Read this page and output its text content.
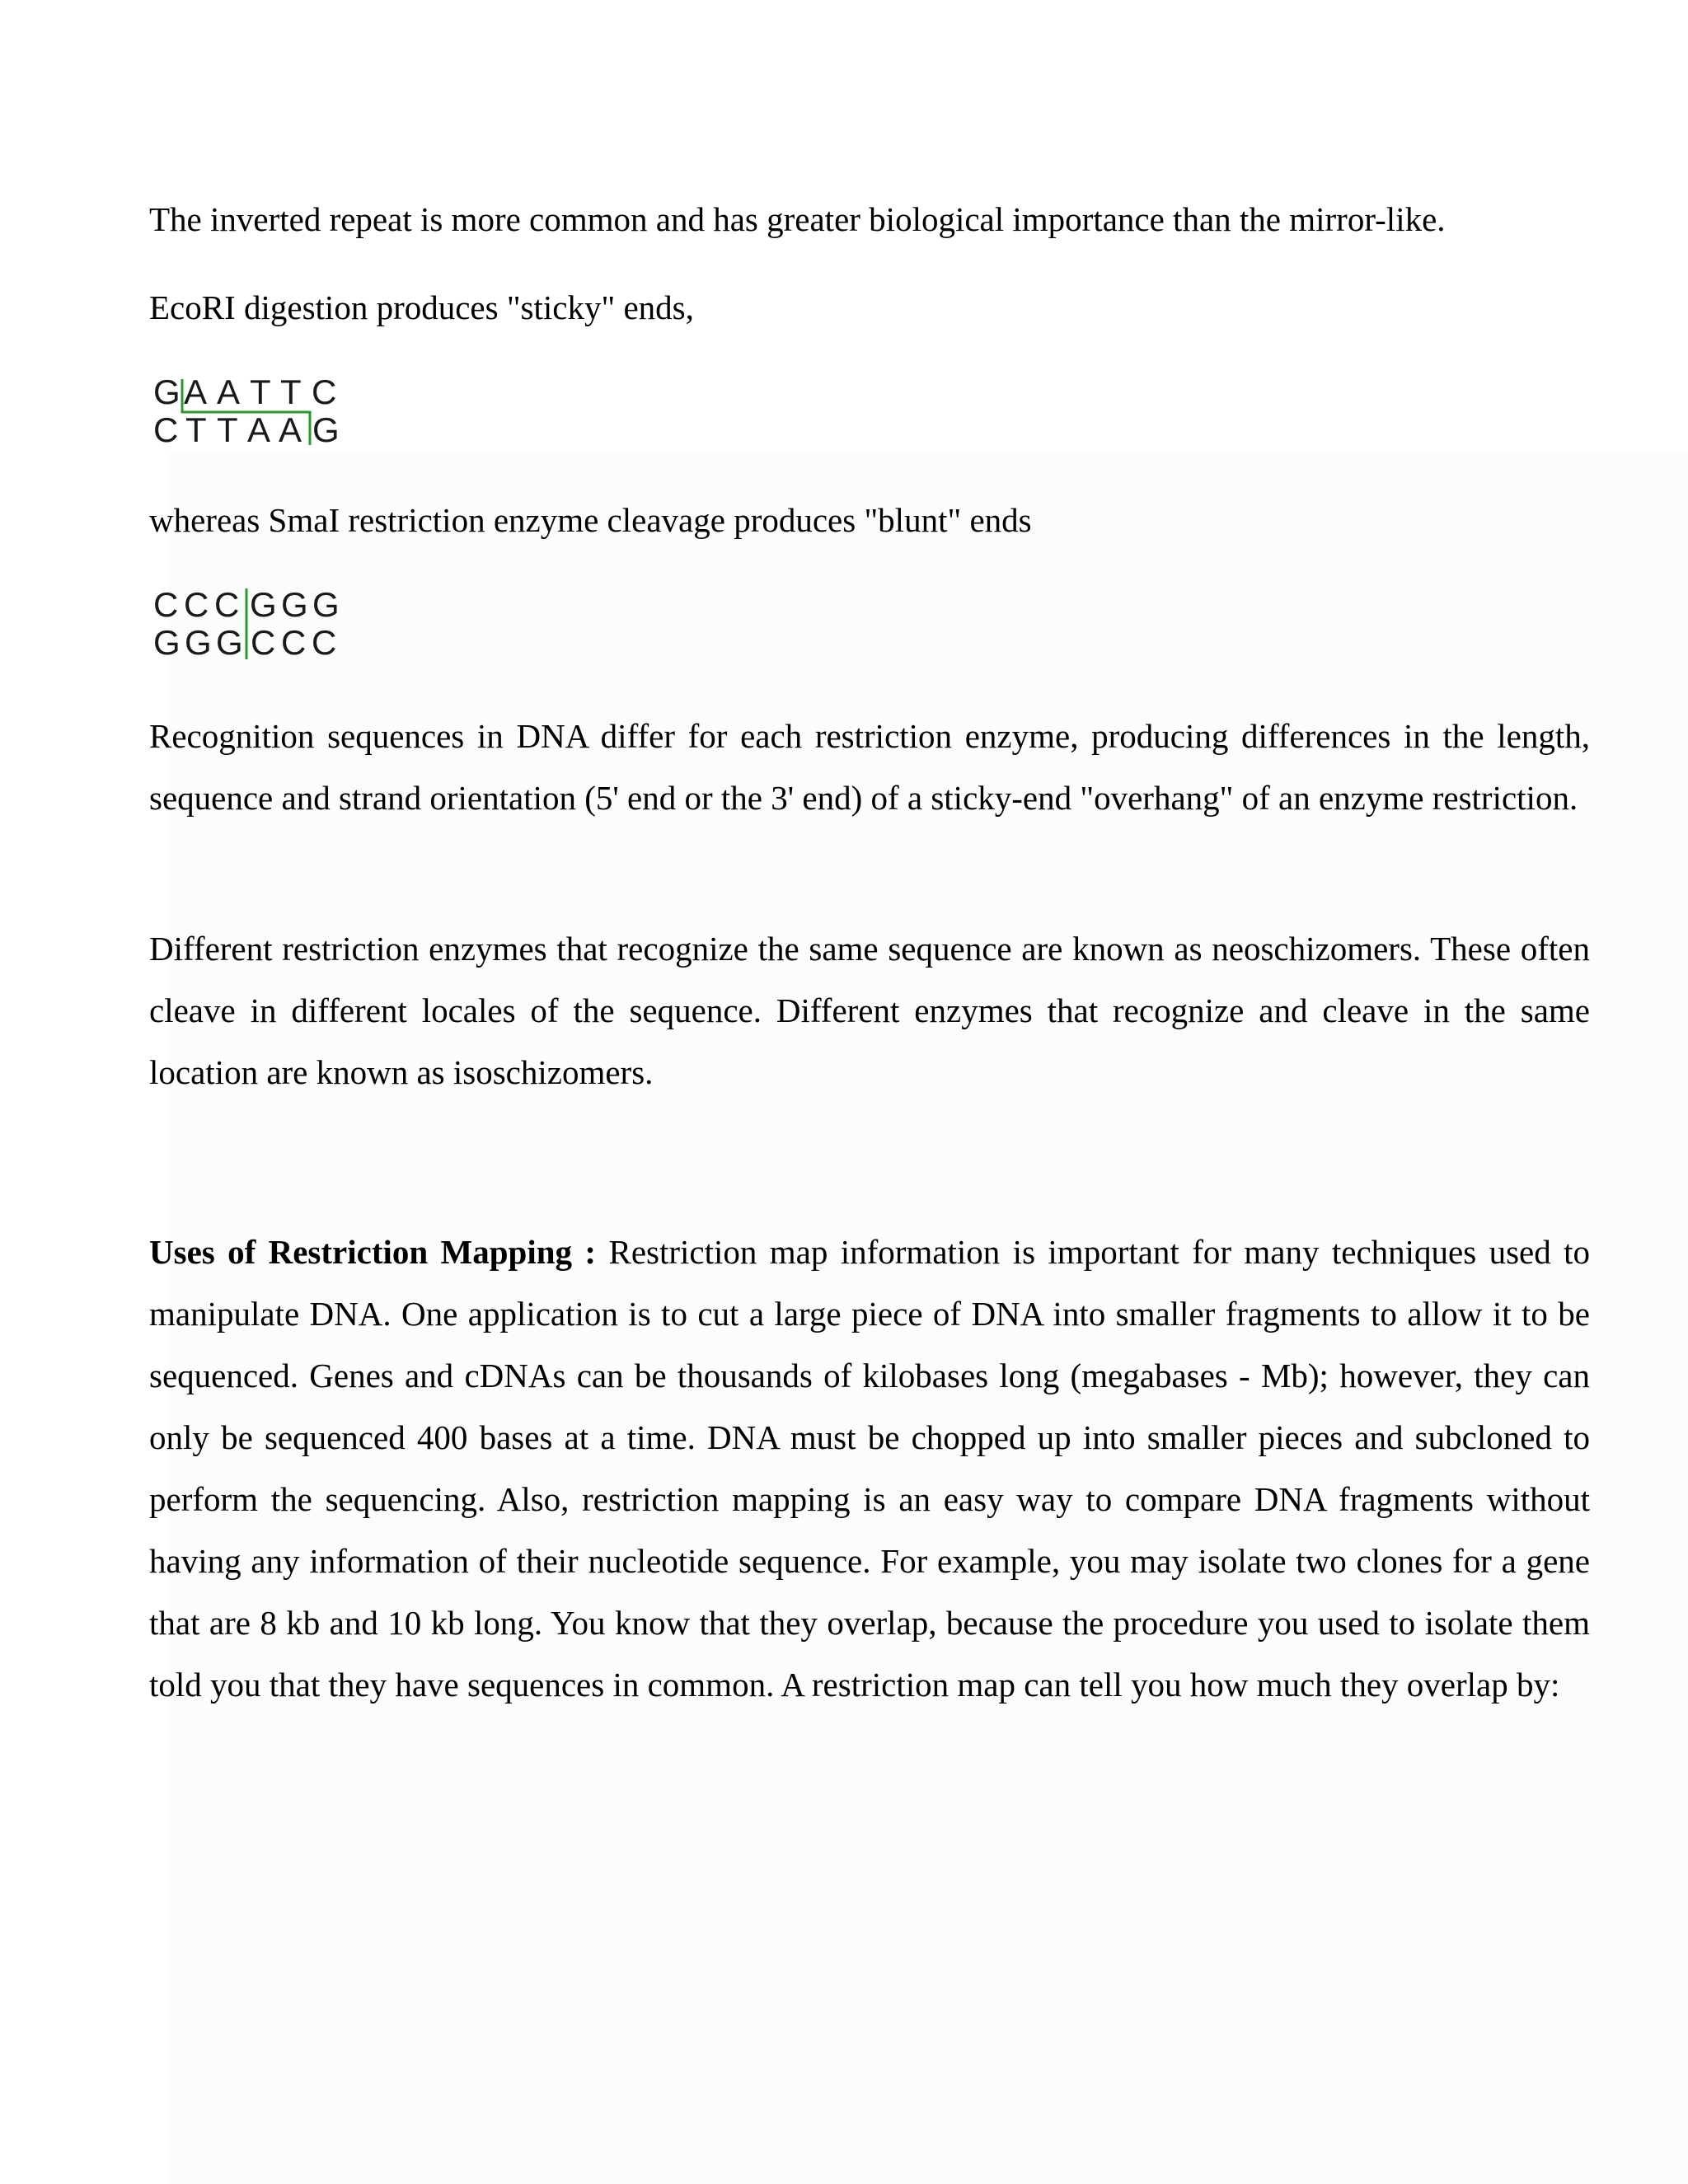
The inverted repeat is more common and has greater biological importance than the mirror-like.

EcoRI digestion produces "sticky" ends,

G A A T T C
C T T A A G

whereas SmaI restriction enzyme cleavage produces "blunt" ends

C C C G G G
G G G C C C

Recognition sequences in DNA differ for each restriction enzyme, producing differences in the length, sequence and strand orientation (5' end or the 3' end) of a sticky-end "overhang" of an enzyme restriction.

Different restriction enzymes that recognize the same sequence are known as neoschizomers. These often cleave in different locales of the sequence. Different enzymes that recognize and cleave in the same location are known as isoschizomers.

Uses of Restriction Mapping : Restriction map information is important for many techniques used to manipulate DNA. One application is to cut a large piece of DNA into smaller fragments to allow it to be sequenced. Genes and cDNAs can be thousands of kilobases long (megabases - Mb); however, they can only be sequenced 400 bases at a time. DNA must be chopped up into smaller pieces and subcloned to perform the sequencing. Also, restriction mapping is an easy way to compare DNA fragments without having any information of their nucleotide sequence. For example, you may isolate two clones for a gene that are 8 kb and 10 kb long. You know that they overlap, because the procedure you used to isolate them told you that they have sequences in common. A restriction map can tell you how much they overlap by:
